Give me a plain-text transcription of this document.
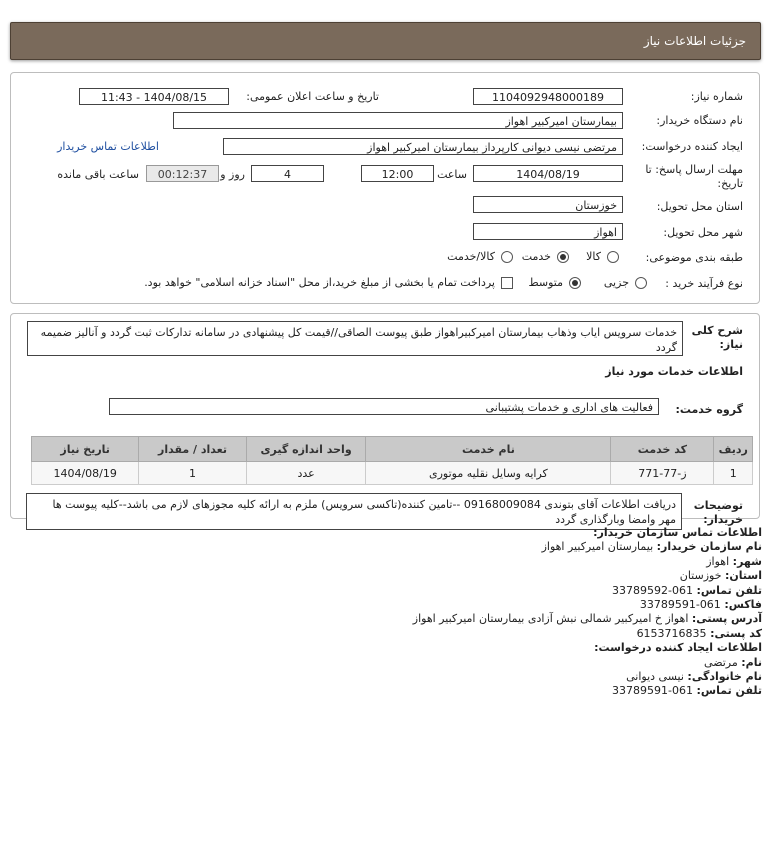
جزئیات اطلاعات نیاز
شماره نیاز:
1104092948000189
تاریخ و ساعت اعلان عمومی:
1404/08/15 - 11:43
نام دستگاه خریدار:
بیمارستان امیرکبیر اهواز
ایجاد کننده درخواست:
مرتضی نیسی دیوانی کارپرداز بیمارستان امیرکبیر اهواز
اطلاعات تماس خریدار
مهلت ارسال پاسخ: تا
تاریخ:
1404/08/19
ساعت
12:00
4
روز و
00:12:37
ساعت باقی مانده
استان محل تحویل:
خوزستان
شهر محل تحویل:
اهواز
طبقه بندی موضوعی:
کالا
خدمت
کالا/خدمت
نوع فرآیند خرید :
جزیی
متوسط
پرداخت تمام یا بخشی از مبلغ خرید،از محل "اسناد خزانه اسلامی" خواهد بود.
شرح کلی
نیاز:
خدمات سرویس ایاب وذهاب بیمارستان امیرکبیراهواز طبق پیوست الصاقی//قیمت کل پیشنهادی در سامانه تدارکات ثبت گردد و آنالیز ضمیمه گردد
اطلاعات خدمات مورد نیاز
گروه خدمت:
فعالیت های اداری و خدمات پشتیبانی
ردیف	کد خدمت	نام خدمت	واحد اندازه گیری	تعداد / مقدار	تاریخ نیاز
1	ز-77-771	کرایه وسایل نقلیه موتوری	عدد	1	1404/08/19
توضیحات
خریدار:
دریافت اطلاعات آقای بتوندی 09168009084 --تامین کننده(تاکسی سرویس) ملزم به ارائه کلیه مجوزهای لازم می باشد--کلیه پیوست ها مهر وامضا وبارگذاری گردد
اطلاعات تماس سازمان خریدار:
نام سازمان خریدار: بیمارستان امیرکبیر اهواز
شهر: اهواز
استان: خوزستان
تلفن تماس: 061-33789592
فاکس: 061-33789591
آدرس پستی: اهواز خ امیرکبیر شمالی نبش آزادی بیمارستان امیرکبیر اهواز
کد پستی: 6153716835
اطلاعات ایجاد کننده درخواست:
نام: مرتضی
نام خانوادگی: نیسی دیوانی
تلفن تماس: 061-33789591
